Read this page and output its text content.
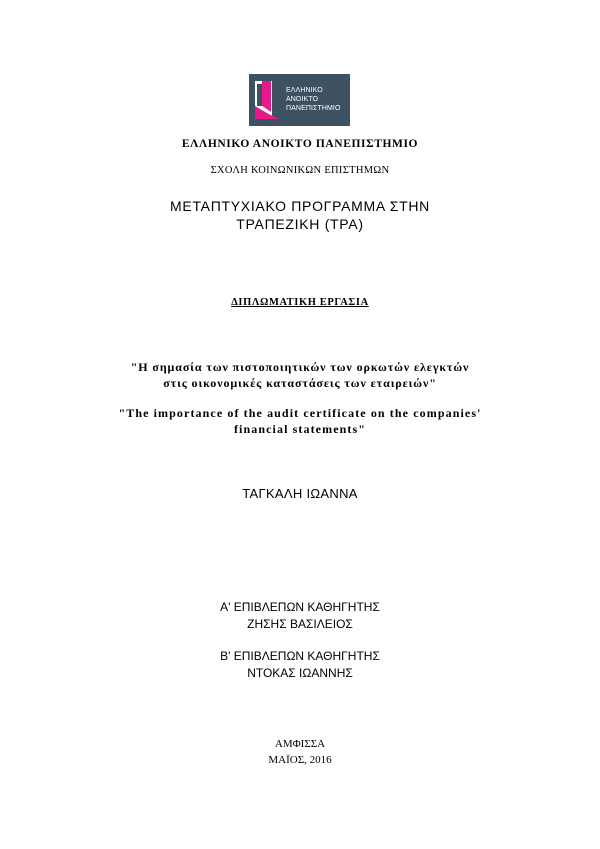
ΕΛΛΗΝΙΚΟ
ΑΝΟΙΚΤΟ
ΠΑΝΕΠΙΣΤΗΜΙΟ
ΕΛΛΗΝΙΚΟ ΑΝΟΙΚΤΟ ΠΑΝΕΠΙΣΤΗΜΙΟ
ΣΧΟΛΗ ΚΟΙΝΩΝΙΚΩΝ ΕΠΙΣΤΗΜΩΝ
ΜΕΤΑΠΤΥΧΙΑΚΟ ΠΡΟΓΡΑΜΜΑ ΣΤΗΝ
ΤΡΑΠΕΖΙΚΗ (ΤΡΑ)
ΔΙΠΛΩΜΑΤΙΚΗ ΕΡΓΑΣΙΑ
"Η σημασία των πιστοποιητικών των ορκωτών ελεγκτών
στις οικονομικές καταστάσεις των εταιρειών"
"The importance of the audit certificate on the companies'
financial statements"
ΤΑΓΚΑΛΗ ΙΩΑΝΝΑ
Α' ΕΠΙΒΛΕΠΩΝ ΚΑΘΗΓΗΤΗΣ
ΖΗΣΗΣ ΒΑΣΙΛΕΙΟΣ
Β' ΕΠΙΒΛΕΠΩΝ ΚΑΘΗΓΗΤΗΣ
ΝΤΟΚΑΣ ΙΩΑΝΝΗΣ
ΑΜΦΙΣΣΑ
ΜΑΪΟΣ, 2016
